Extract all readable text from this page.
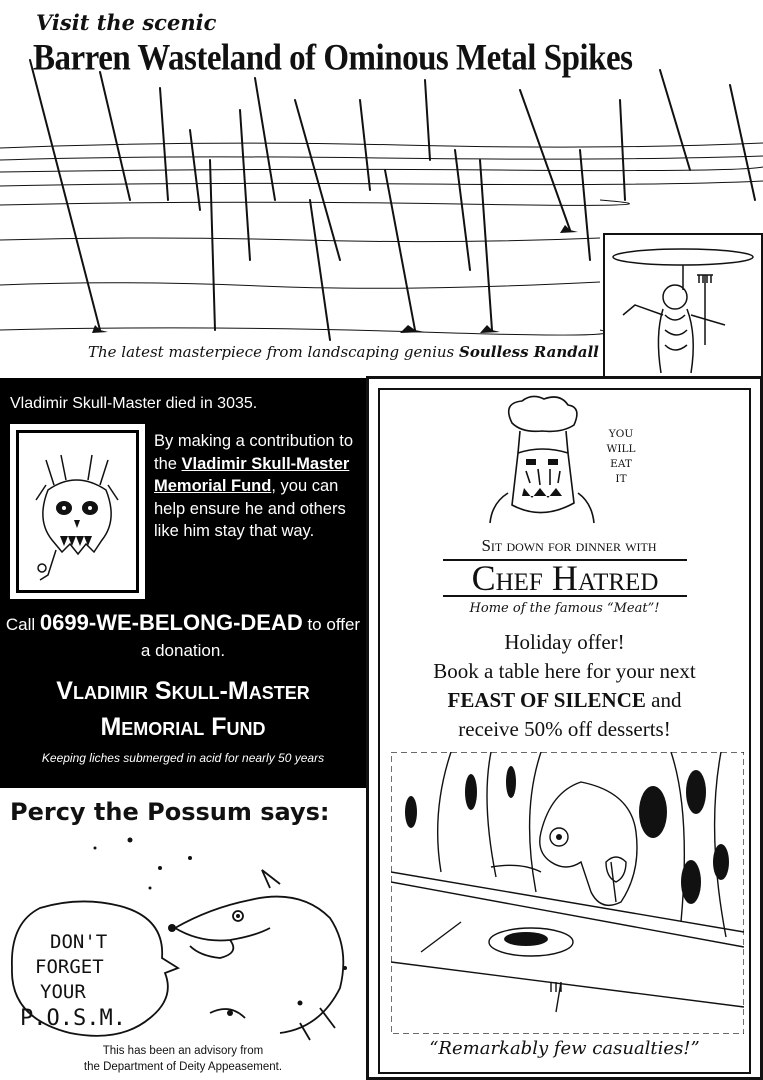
Visit the scenic
Barren Wasteland of Ominous Metal Spikes
The latest masterpiece from landscaping genius Soulless Randall
Vladimir Skull-Master died in 3035.
By making a contribution to the Vladimir Skull-Master Memorial Fund, you can help ensure he and others like him stay that way.
Call 0699-WE-BELONG-DEAD to offer a donation.
Vladimir Skull-Master
Memorial Fund
Keeping liches submerged in acid for nearly 50 years
Percy the Possum says:
DON'T
FORGET
YOUR
P.O.S.M.
This has been an advisory from
the Department of Deity Appeasement.
YOU
WILL
EAT
IT
Sit down for dinner with
Chef Hatred
Home of the famous “Meat”!
Holiday offer!
Book a table here for your next
FEAST OF SILENCE and
receive 50% off desserts!
“Remarkably few casualties!”
